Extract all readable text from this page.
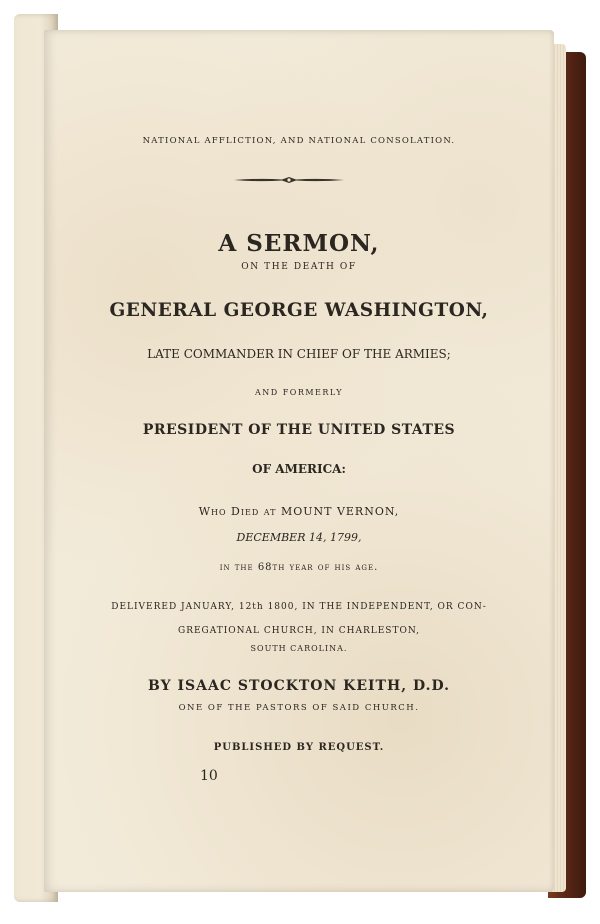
NATIONAL AFFLICTION, AND NATIONAL CONSOLATION.
A SERMON,
ON THE DEATH OF
GENERAL GEORGE WASHINGTON,
LATE COMMANDER IN CHIEF OF THE ARMIES;
AND FORMERLY
PRESIDENT OF THE UNITED STATES
OF AMERICA:
Who Died at MOUNT VERNON,
DECEMBER 14, 1799,
in the 68th year of his age.
DELIVERED JANUARY, 12th 1800, IN THE INDEPENDENT, OR CON-
GREGATIONAL CHURCH, IN CHARLESTON,
SOUTH CAROLINA.
BY ISAAC STOCKTON KEITH, D.D.
ONE OF THE PASTORS OF SAID CHURCH.
PUBLISHED BY REQUEST.
10
